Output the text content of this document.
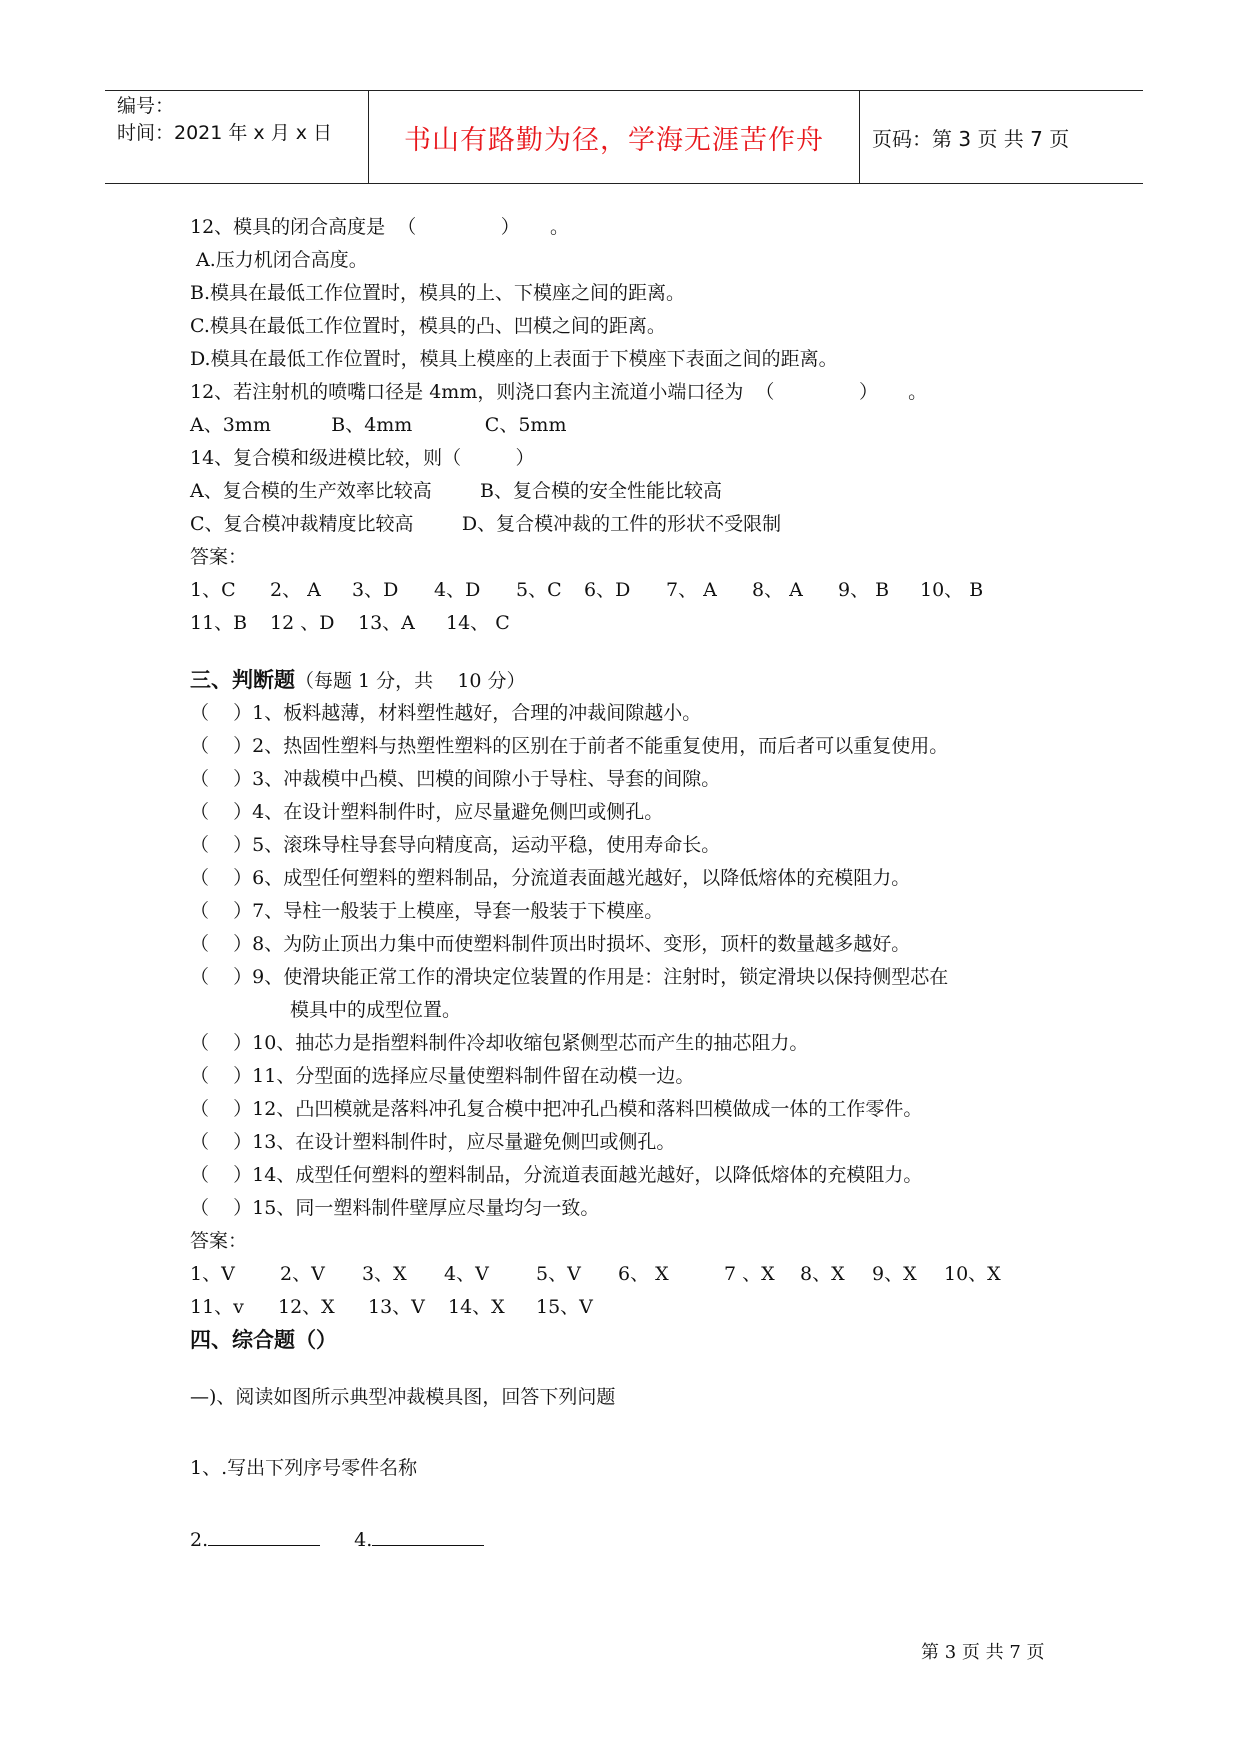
编号：
时间：2021 年 x 月 x 日	书山有路勤为径，学海无涯苦作舟	页码：第 3 页 共 7 页
12、模具的闭合高度是  （              ）     。
A.压力机闭合高度。
B.模具在最低工作位置时，模具的上、下模座之间的距离。
C.模具在最低工作位置时，模具的凸、凹模之间的距离。
D.模具在最低工作位置时，模具上模座的上表面于下模座下表面之间的距离。
12、若注射机的喷嘴口径是 4mm，则浇口套内主流道小端口径为  （              ）     。
A、3mm          B、4mm            C、5mm
14、复合模和级进模比较，则（         ）
A、复合模的生产效率比较高        B、复合模的安全性能比较高
C、复合模冲裁精度比较高        D、复合模冲裁的工件的形状不受限制
答案：
1、C	2、 A	3、D	4、D	5、C	6、D	7、 A	8、 A	9、 B	10、 B
11、B	12 、D	13、A	14、 C
三、判断题（每题 1 分，共    10 分）
（    ）1、板料越薄，材料塑性越好，合理的冲裁间隙越小。
（    ）2、热固性塑料与热塑性塑料的区别在于前者不能重复使用，而后者可以重复使用。
（    ）3、冲裁模中凸模、凹模的间隙小于导柱、导套的间隙。
（    ）4、在设计塑料制件时，应尽量避免侧凹或侧孔。
（    ）5、滚珠导柱导套导向精度高，运动平稳，使用寿命长。
（    ）6、成型任何塑料的塑料制品，分流道表面越光越好，以降低熔体的充模阻力。
（    ）7、导柱一般装于上模座，导套一般装于下模座。
（    ）8、为防止顶出力集中而使塑料制件顶出时损坏、变形，顶杆的数量越多越好。
（    ）9、使滑块能正常工作的滑块定位装置的作用是：注射时，锁定滑块以保持侧型芯在
模具中的成型位置。
（    ）10、抽芯力是指塑料制件冷却收缩包紧侧型芯而产生的抽芯阻力。
（    ）11、分型面的选择应尽量使塑料制件留在动模一边。
（    ）12、凸凹模就是落料冲孔复合模中把冲孔凸模和落料凹模做成一体的工作零件。
（    ）13、在设计塑料制件时，应尽量避免侧凹或侧孔。
（    ）14、成型任何塑料的塑料制品，分流道表面越光越好，以降低熔体的充模阻力。
（    ）15、同一塑料制件壁厚应尽量均匀一致。
答案：
1、V	2、V	3、X	4、V	5、V	6、 X	7 、X	8、X	9、X	10、X
11、v	12、X	13、V	14、X	15、V
四、综合题（）
—)、阅读如图所示典型冲裁模具图，回答下列问题
1、.写出下列序号零件名称
2.	4.
第 3 页 共 7 页
